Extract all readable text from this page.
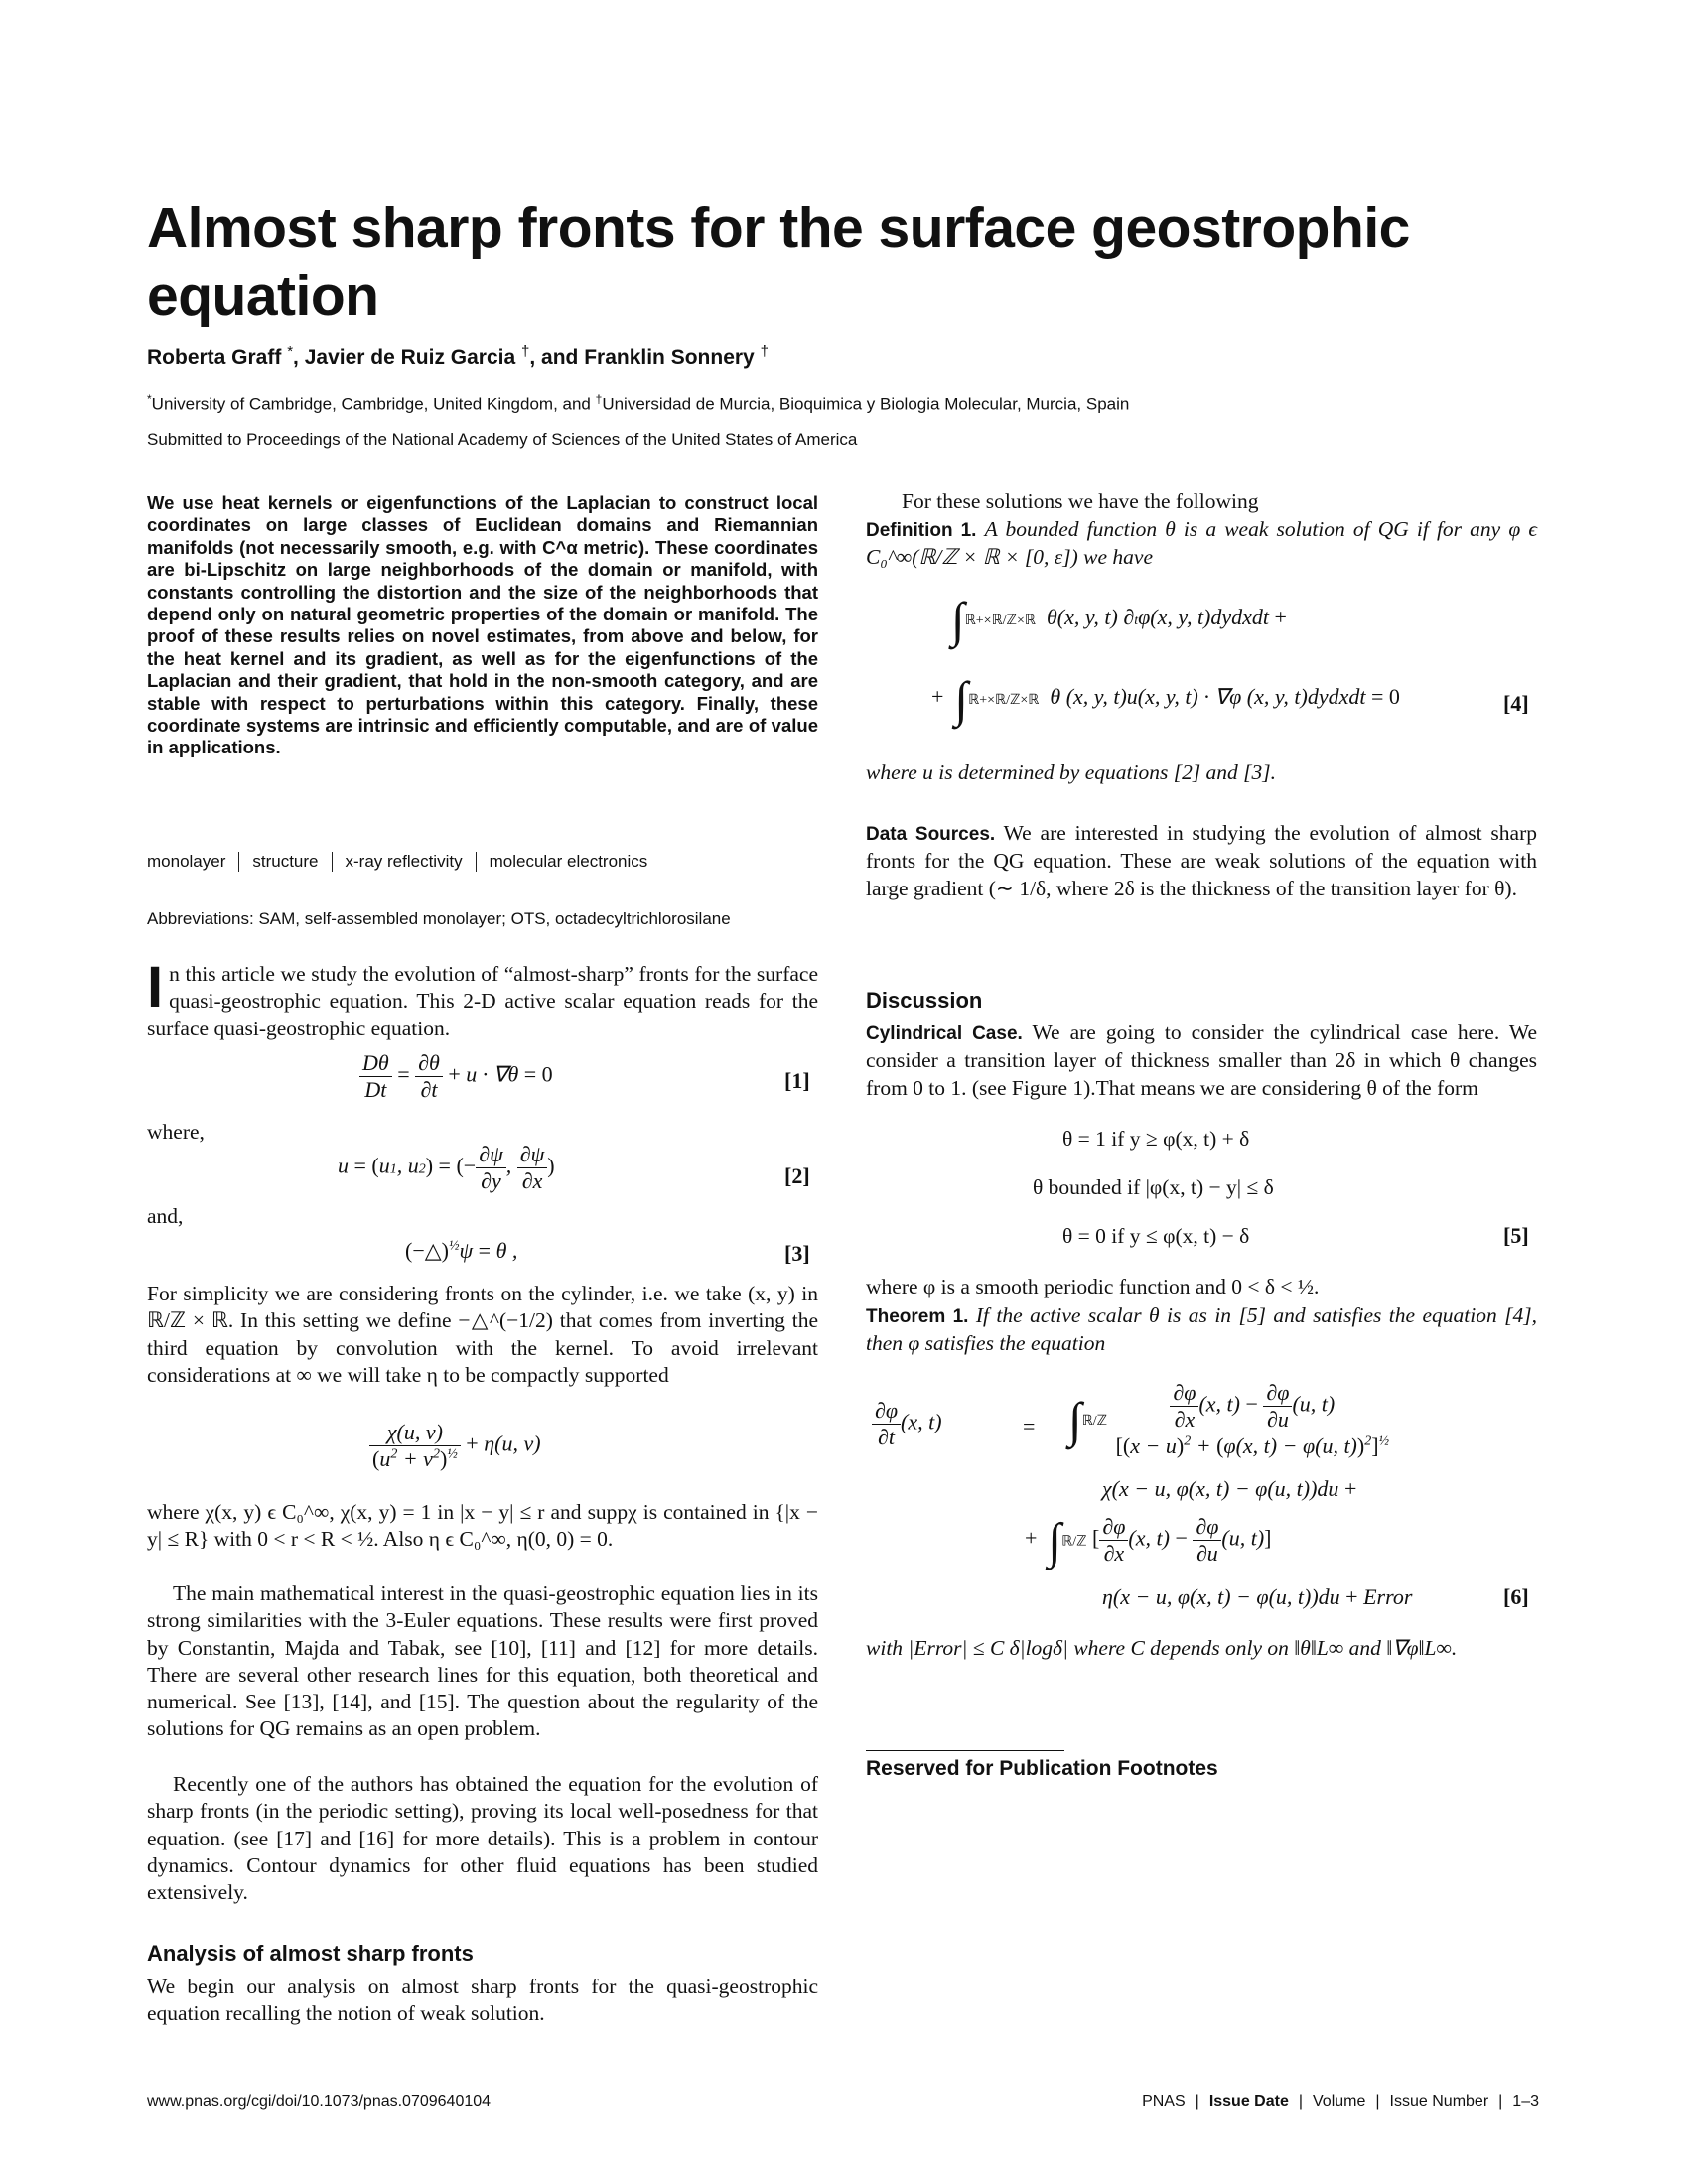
Almost sharp fronts for the surface geostrophic equation
Roberta Graff *, Javier de Ruiz Garcia †, and Franklin Sonnery †
*University of Cambridge, Cambridge, United Kingdom, and †Universidad de Murcia, Bioquimica y Biologia Molecular, Murcia, Spain
Submitted to Proceedings of the National Academy of Sciences of the United States of America
We use heat kernels or eigenfunctions of the Laplacian to construct local coordinates on large classes of Euclidean domains and Riemannian manifolds (not necessarily smooth, e.g. with C^α metric). These coordinates are bi-Lipschitz on large neighborhoods of the domain or manifold, with constants controlling the distortion and the size of the neighborhoods that depend only on natural geometric properties of the domain or manifold. The proof of these results relies on novel estimates, from above and below, for the heat kernel and its gradient, as well as for the eigenfunctions of the Laplacian and their gradient, that hold in the non-smooth category, and are stable with respect to perturbations within this category. Finally, these coordinate systems are intrinsic and efficiently computable, and are of value in applications.
monolayer	structure	x-ray reflectivity	molecular electronics
Abbreviations: SAM, self-assembled monolayer; OTS, octadecyltrichlorosilane
In this article we study the evolution of “almost-sharp” fronts for the surface quasi-geostrophic equation. This 2-D active scalar equation reads for the surface quasi-geostrophic equation.
$\frac{D\theta}{Dt} = \frac{\partial\theta}{\partial t} + u \cdot \nabla\theta = 0$	[1]
where,
u = (u1, u2) = (− $\frac{\partial\psi}{\partial y}$ , $\frac{\partial\psi}{\partial x}$ )	[2]
and,
(−△)$^{\frac{1}{2}}$ψ = θ ,	[3]
For simplicity we are considering fronts on the cylinder, i.e. we take (x, y) in ℝ/ℤ × ℝ. In this setting we define −△^(−1/2) that comes from inverting the third equation by convolution with the kernel. To avoid irrelevant considerations at ∞ we will take η to be compactly supported
$\frac{\chi(u, v)}{(u^2 + v^2)^{\frac{1}{2}}} + \eta(u$, v)
where χ(x, y) ϵ C₀^∞, χ(x, y) = 1 in |x − y| ≤ r and suppχ is contained in {|x − y| ≤ R} with 0 < r < R < ½. Also η ϵ C₀^∞, η(0, 0) = 0.
The main mathematical interest in the quasi-geostrophic equation lies in its strong similarities with the 3-Euler equations. These results were first proved by Constantin, Majda and Tabak, see [10], [11] and [12] for more details. There are several other research lines for this equation, both theoretical and numerical. See [13], [14], and [15]. The question about the regularity of the solutions for QG remains as an open problem.
Recently one of the authors has obtained the equation for the evolution of sharp fronts (in the periodic setting), proving its local well-posedness for that equation. (see [17] and [16] for more details). This is a problem in contour dynamics. Contour dynamics for other fluid equations has been studied extensively.
Analysis of almost sharp fronts
We begin our analysis on almost sharp fronts for the quasi-geostrophic equation recalling the notion of weak solution.
For these solutions we have the following
Definition 1. A bounded function θ is a weak solution of QG if for any φ ϵ C₀^∞(ℝ/ℤ × ℝ × [0, ε]) we have
∫ℝ+×ℝ/ℤ×ℝ  θ(x, y, t) ∂tφ(x, y, t)dydxdt +
+  ∫ℝ+×ℝ/ℤ×ℝ  θ (x, y, t)u(x, y, t) · ∇φ (x, y, t)dydxdt = 0	[4]
where u is determined by equations [2] and [3].
Data Sources. We are interested in studying the evolution of almost sharp fronts for the QG equation. These are weak solutions of the equation with large gradient (∼ 1/δ, where 2δ is the thickness of the transition layer for θ).
Discussion
Cylindrical Case. We are going to consider the cylindrical case here. We consider a transition layer of thickness smaller than 2δ in which θ changes from 0 to 1. (see Figure 1).That means we are considering θ of the form
θ = 1 if y ≥ φ(x, t) + δ
θ bounded if |φ(x, t) − y| ≤ δ
θ = 0 if y ≤ φ(x, t) − δ	[5]
where φ is a smooth periodic function and 0 < δ < ½.
Theorem 1. If the active scalar θ is as in [5] and satisfies the equation [4], then φ satisfies the equation
$\frac{\partial\varphi}{\partial t} (x$, t)	= ∫ℝ/ℤ $\frac{\frac{\partial\varphi}{\partial x} (x, t) - \frac{\partial\varphi}{\partial u} (u, t)}{[(x - u)^2 + (\varphi(x, t) - \varphi(u, t))^2]^{\frac{1}{2}}}$
χ(x − u, φ(x, t) − φ(u, t))du +
+  ∫ℝ/ℤ [ $\frac{\partial\varphi}{\partial x} (x$, $t) - \frac{\partial\varphi}{\partial u} (u$, t)]
η(x − u, φ(x, t) − φ(u, t))du + Error	[6]
with |Error| ≤ C δ|logδ| where C depends only on ‖θ‖L∞ and ‖∇φ‖L∞.
Reserved for Publication Footnotes
www.pnas.org/cgi/doi/10.1073/pnas.0709640104	PNAS | Issue Date | Volume | Issue Number | 1–3
